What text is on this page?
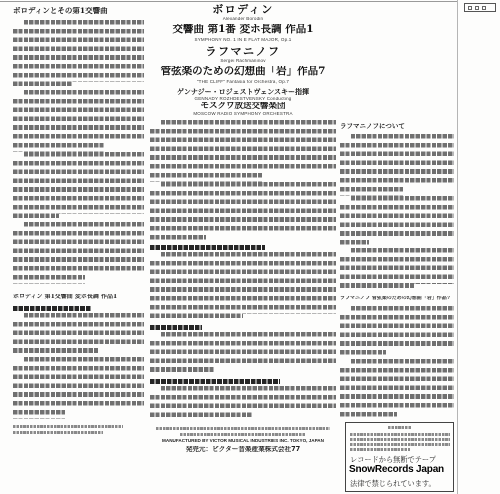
ボロディンとその第1交響曲
ボロディン 第1交響曲 変ホ長調 作品1
ボロディン
Alexander Borodin
交響曲 第1番 変ホ長調 作品1
SYMPHONY NO. 1 IN E FLAT MAJOR, Op.1
ラフマニノフ
Sergei Rachmaninov
管弦楽のための幻想曲「岩」作品7
"THE CLIFF" Fantasia for Orchestra, Op.7
ゲンナジー・ロジェストヴェンスキー指揮
GENNADY ROZHDESTVENSKY Conducting
モスクワ放送交響楽団
MOSCOW RADIO SYMPHONY ORCHESTRA
MANUFACTURED BY VICTOR MUSICAL INDUSTRIES INC. TOKYO, JAPAN
発売元：ビクター音楽産業株式会社77
ラフマニノフについて
ラフマニノフ 管弦楽のための幻想曲「岩」作品7
レコードから無断でテープ
SnowRecords Japan
法律で禁じられています。
